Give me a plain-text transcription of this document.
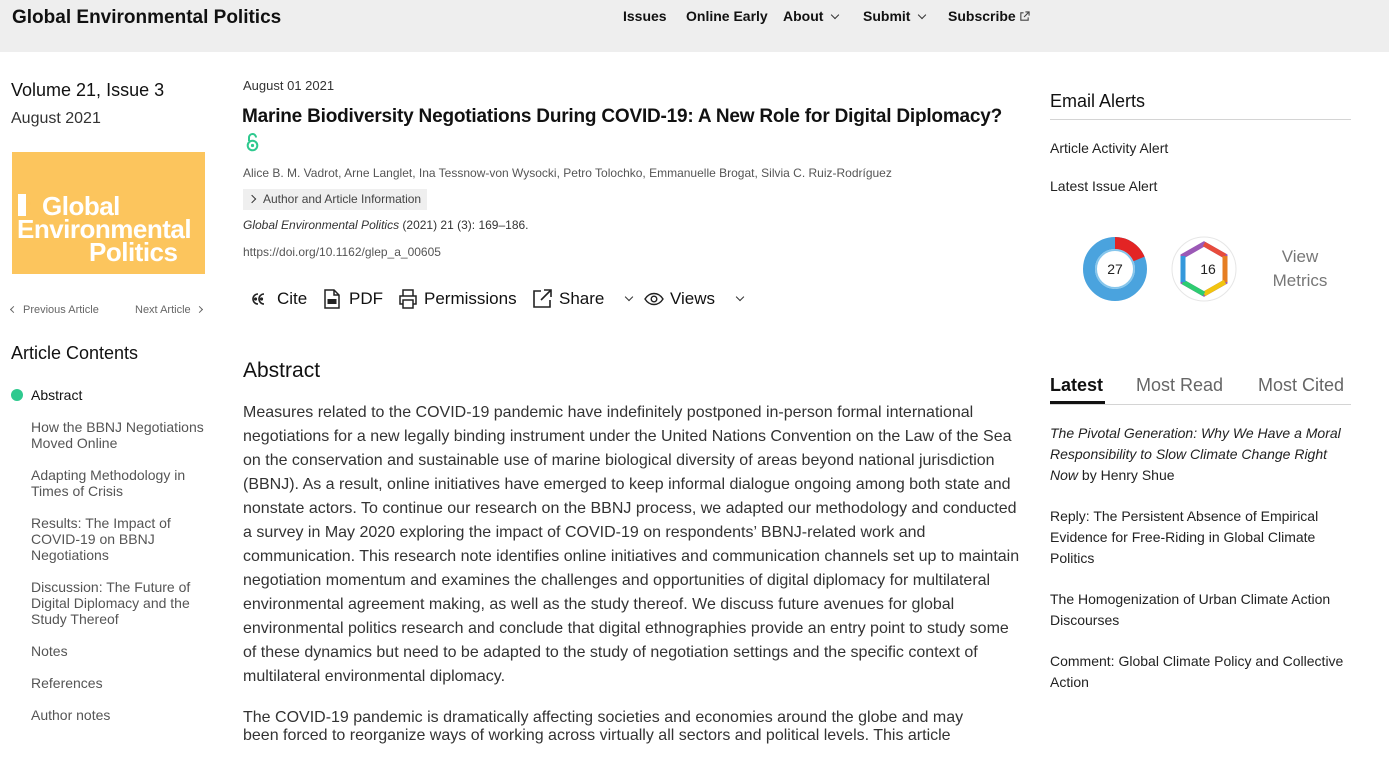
Global Environmental Politics	Issues Online Early About	Submit	Subscribe
Volume 21, Issue 3
August 2021
MIT Global
Environmental
Politics
Previous Article	Next Article
Article Contents
Abstract
How the BBNJ Negotiations Moved Online
Adapting Methodology in Times of Crisis
Results: The Impact of COVID-19 on BBNJ Negotiations
Discussion: The Future of Digital Diplomacy and the Study Thereof
Notes
References
Author notes
August 01 2021
Marine Biodiversity Negotiations During COVID-19: A New Role for Digital Diplomacy?
Alice B. M. Vadrot, Arne Langlet, Ina Tessnow-von Wysocki, Petro Tolochko, Emmanuelle Brogat, Silvia C. Ruiz-Rodríguez
Author and Article Information
Global Environmental Politics (2021) 21 (3): 169–186.
https://doi.org/10.1162/glep_a_00605
Cite PDF Permissions Share	Views
Abstract
Measures related to the COVID-19 pandemic have indefinitely postponed in-person formal international negotiations for a new legally binding instrument under the United Nations Convention on the Law of the Sea on the conservation and sustainable use of marine biological diversity of areas beyond national jurisdiction (BBNJ). As a result, online initiatives have emerged to keep informal dialogue ongoing among both state and nonstate actors. To continue our research on the BBNJ process, we adapted our methodology and conducted a survey in May 2020 exploring the impact of COVID-19 on respondents’ BBNJ-related work and communication. This research note identifies online initiatives and communication channels set up to maintain negotiation momentum and examines the challenges and opportunities of digital diplomacy for multilateral environmental agreement making, as well as the study thereof. We discuss future avenues for global environmental politics research and conclude that digital ethnographies provide an entry point to study some of these dynamics but need to be adapted to the study of negotiation settings and the specific context of multilateral environmental diplomacy.
The COVID-19 pandemic is dramatically affecting societies and economies around the globe and may
been forced to reorganize ways of working across virtually all sectors and political levels. This article
Email Alerts
Article Activity Alert
Latest Issue Alert
27	16
View Metrics
Latest Most Read Most Cited
The Pivotal Generation: Why We Have a Moral Responsibility to Slow Climate Change Right Now by Henry Shue
Reply: The Persistent Absence of Empirical Evidence for Free-Riding in Global Climate Politics
The Homogenization of Urban Climate Action Discourses
Comment: Global Climate Policy and Collective Action
